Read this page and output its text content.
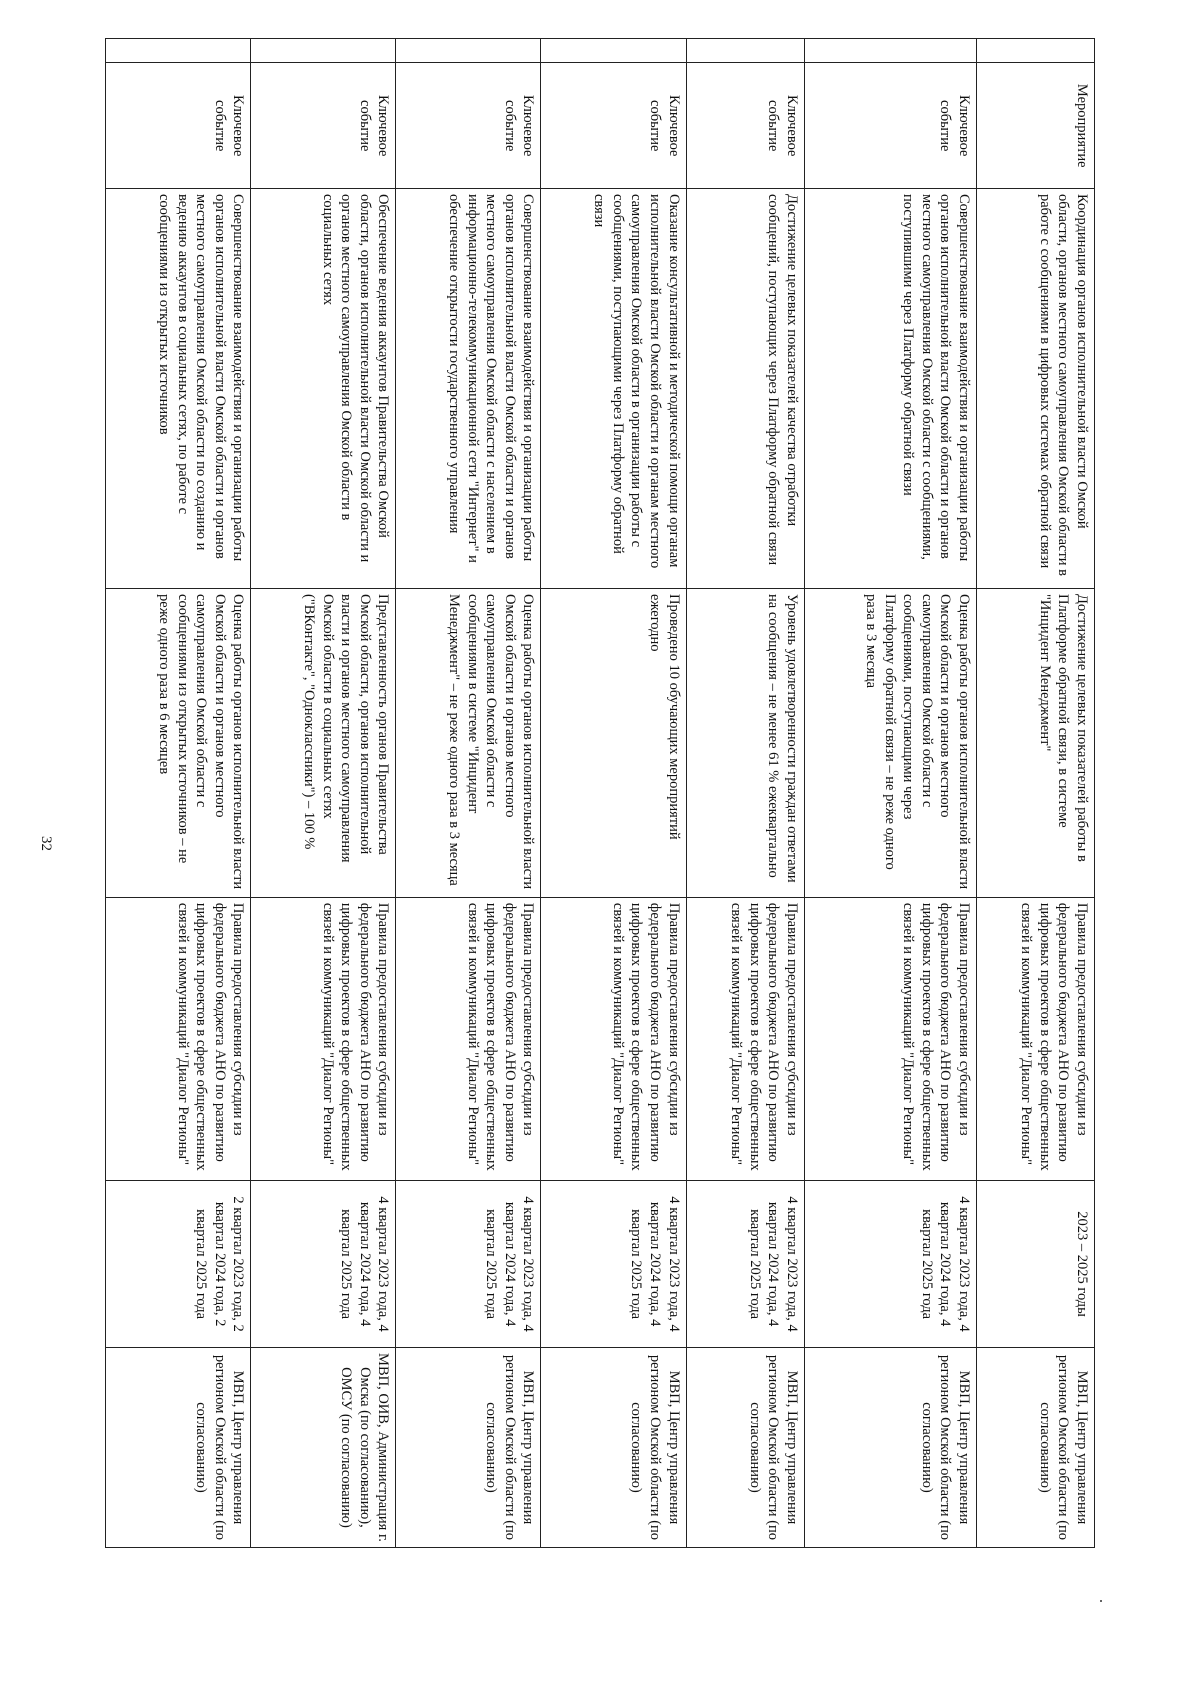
32
	Мероприятие	Координация органов исполнительной власти Омской области, органов местного самоуправления Омской области в работе с сообщениями в цифровых системах обратной связи	Достижение целевых показателей работы в Платформе обратной связи, в системе "Инцидент Менеджмент"	Правила предоставления субсидии из федерального бюджета АНО по развитию цифровых проектов в сфере общественных связей и коммуникаций "Диалог Регионы"	2023 – 2025 годы	МВП, Центр управления регионом Омской области (по согласованию)
	Ключевое событие	Совершенствование взаимодействия и организации работы органов исполнительной власти Омской области и органов местного самоуправления Омской области с сообщениями, поступившими через Платформу обратной связи	Оценка работы органов исполнительной власти Омской области и органов местного самоуправления Омской области с сообщениями, поступающими через Платформу обратной связи – не реже одного раза в 3 месяца	Правила предоставления субсидии из федерального бюджета АНО по развитию цифровых проектов в сфере общественных связей и коммуникаций "Диалог Регионы"	4 квартал 2023 года, 4 квартал 2024 года, 4 квартал 2025 года	МВП, Центр управления регионом Омской области (по согласованию)
	Ключевое событие	Достижение целевых показателей качества отработки сообщений, поступающих через Платформу обратной связи	Уровень удовлетворенности граждан ответами на сообщения – не менее 61 % ежеквартально	Правила предоставления субсидии из федерального бюджета АНО по развитию цифровых проектов в сфере общественных связей и коммуникаций "Диалог Регионы"	4 квартал 2023 года, 4 квартал 2024 года, 4 квартал 2025 года	МВП, Центр управления регионом Омской области (по согласованию)
	Ключевое событие	Оказание консультативной и методической помощи органам исполнительной власти Омской области и органам местного самоуправления Омской области в организации работы с сообщениями, поступающими через Платформу обратной связи	Проведено 10 обучающих мероприятий ежегодно	Правила предоставления субсидии из федерального бюджета АНО по развитию цифровых проектов в сфере общественных связей и коммуникаций "Диалог Регионы"	4 квартал 2023 года, 4 квартал 2024 года, 4 квартал 2025 года	МВП, Центр управления регионом Омской области (по согласованию)
	Ключевое событие	Совершенствование взаимодействия и организации работы органов исполнительной власти Омской области и органов местного самоуправления Омской области с населением в информационно-телекоммуникационной сети "Интернет" и обеспечение открытости государственного управления	Оценка работы органов исполнительной власти Омской области и органов местного самоуправления Омской области с сообщениями в системе "Инцидент Менеджмент" – не реже одного раза в 3 месяца	Правила предоставления субсидии из федерального бюджета АНО по развитию цифровых проектов в сфере общественных связей и коммуникаций "Диалог Регионы"	4 квартал 2023 года, 4 квартал 2024 года, 4 квартал 2025 года	МВП, Центр управления регионом Омской области (по согласованию)
	Ключевое событие	Обеспечение ведения аккаунтов Правительства Омской области, органов исполнительной власти Омской области и органов местного самоуправления Омской области в социальных сетях	Представленность органов Правительства Омской области, органов исполнительной власти и органов местного самоуправления Омской области в социальных сетях ("ВКонтакте", "Одноклассники") – 100 %	Правила предоставления субсидии из федерального бюджета АНО по развитию цифровых проектов в сфере общественных связей и коммуникаций "Диалог Регионы"	4 квартал 2023 года, 4 квартал 2024 года, 4 квартал 2025 года	МВП, ОИВ, Администрация г. Омска (по согласованию), ОМСУ (по согласованию)
	Ключевое событие	Совершенствование взаимодействия и организации работы органов исполнительной власти Омской области и органов местного самоуправления Омской области по созданию и ведению аккаунтов в социальных сетях, по работе с сообщениями из открытых источников	Оценка работы органов исполнительной власти Омской области и органов местного самоуправления Омской области с сообщениями из открытых источников – не реже одного раза в 6 месяцев	Правила предоставления субсидии из федерального бюджета АНО по развитию цифровых проектов в сфере общественных связей и коммуникаций "Диалог Регионы"	2 квартал 2023 года, 2 квартал 2024 года, 2 квартал 2025 года	МВП, Центр управления регионом Омской области (по согласованию)
